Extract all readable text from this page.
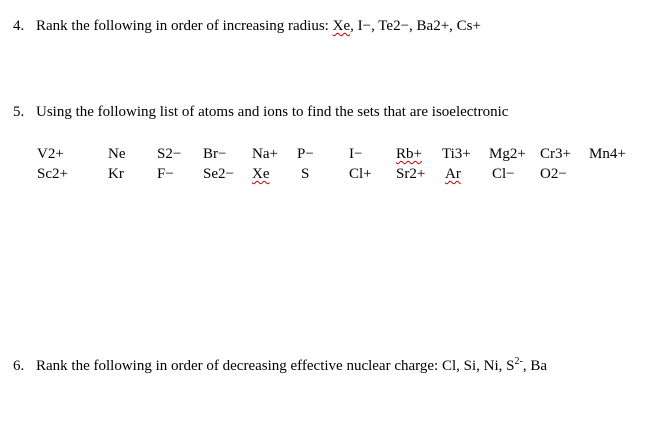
4. Rank the following in order of increasing radius: Xe, I−, Te2−, Ba2+, Cs+
5. Using the following list of atoms and ions to find the sets that are isoelectronic
V2+	Ne S2− Br− Na+ P− I− Rb+ Ti3+ Mg2+ Cr3+ Mn4+
Sc2+	Kr F− Se2− Xe S	Cl+ Sr2+ Ar Cl− O2−
6. Rank the following in order of decreasing effective nuclear charge: Cl, Si, Ni, $S^{2-}$, Ba
